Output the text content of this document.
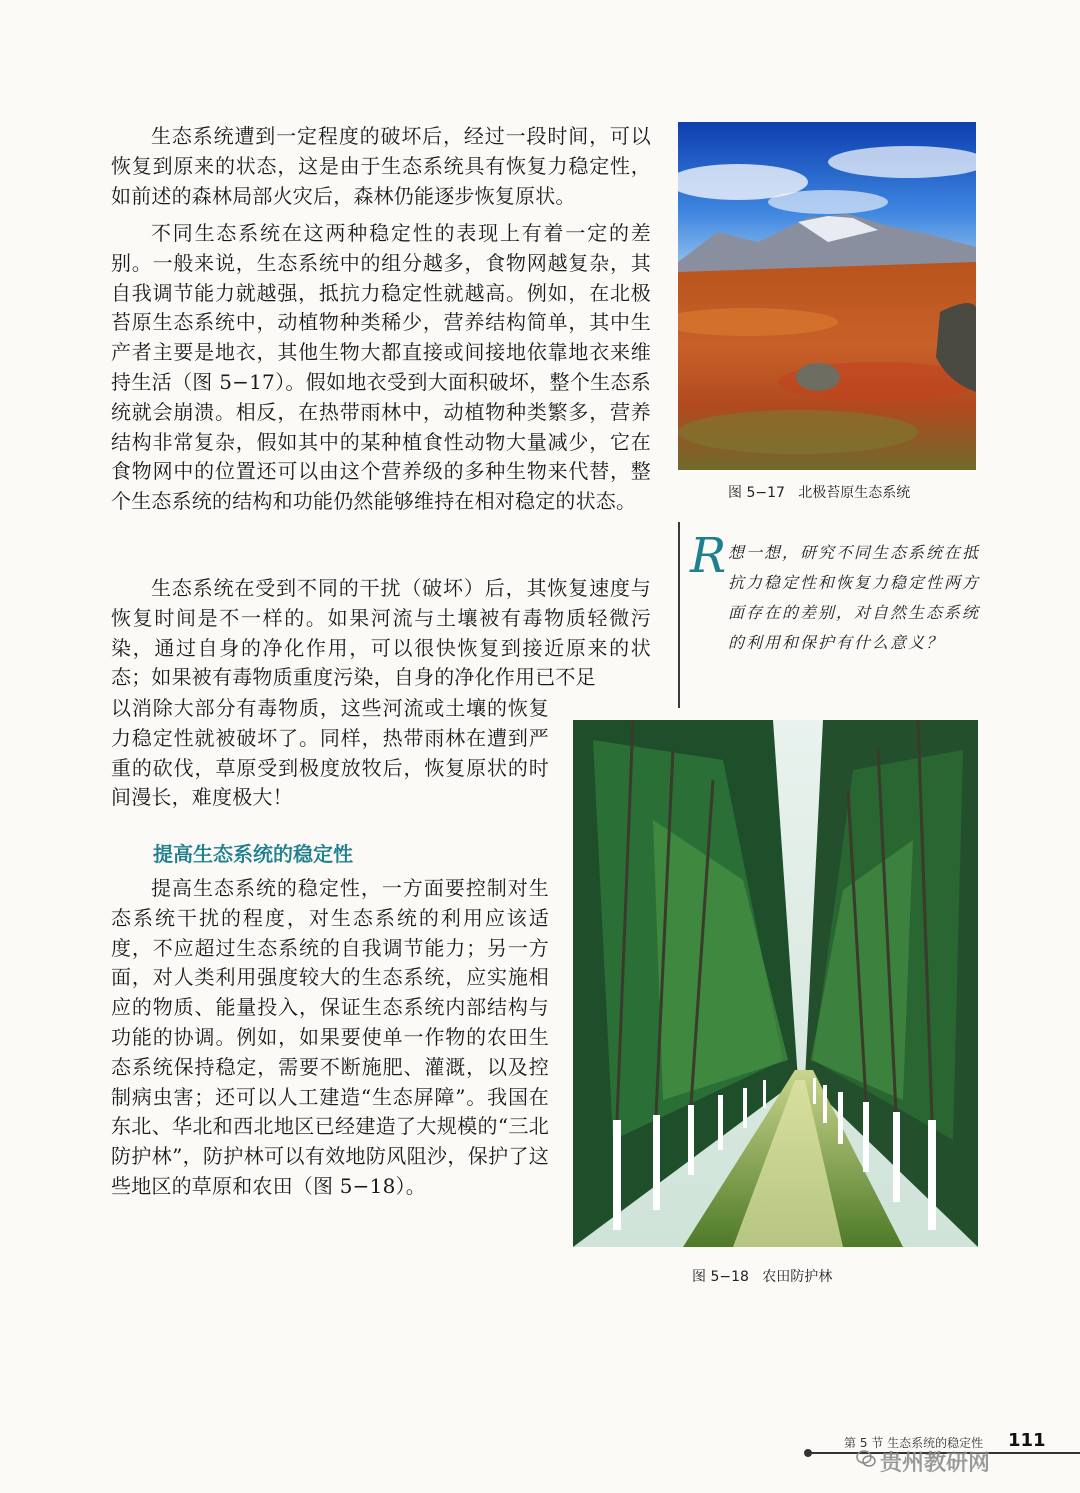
生态系统遭到一定程度的破坏后，经过一段时间，可以恢复到原来的状态，这是由于生态系统具有恢复力稳定性，如前述的森林局部火灾后，森林仍能逐步恢复原状。

不同生态系统在这两种稳定性的表现上有着一定的差别。一般来说，生态系统中的组分越多，食物网越复杂，其自我调节能力就越强，抵抗力稳定性就越高。例如，在北极苔原生态系统中，动植物种类稀少，营养结构简单，其中生产者主要是地衣，其他生物大都直接或间接地依靠地衣来维持生活（图 5−17）。假如地衣受到大面积破坏，整个生态系统就会崩溃。相反，在热带雨林中，动植物种类繁多，营养结构非常复杂，假如其中的某种植食性动物大量减少，它在食物网中的位置还可以由这个营养级的多种生物来代替，整个生态系统的结构和功能仍然能够维持在相对稳定的状态。

生态系统在受到不同的干扰（破坏）后，其恢复速度与恢复时间是不一样的。如果河流与土壤被有毒物质轻微污染，通过自身的净化作用，可以很快恢复到接近原来的状态；如果被有毒物质重度污染，自身的净化作用已不足

以消除大部分有毒物质，这些河流或土壤的恢复力稳定性就被破坏了。同样，热带雨林在遭到严重的砍伐，草原受到极度放牧后，恢复原状的时间漫长，难度极大！

提高生态系统的稳定性

提高生态系统的稳定性，一方面要控制对生态系统干扰的程度，对生态系统的利用应该适度，不应超过生态系统的自我调节能力；另一方面，对人类利用强度较大的生态系统，应实施相应的物质、能量投入，保证生态系统内部结构与功能的协调。例如，如果要使单一作物的农田生态系统保持稳定，需要不断施肥、灌溉，以及控制病虫害；还可以人工建造“生态屏障”。我国在东北、华北和西北地区已经建造了大规模的“三北防护林”，防护林可以有效地防风阻沙，保护了这些地区的草原和农田（图 5−18）。

图 5−17   北极苔原生态系统
R 想一想，研究不同生态系统在抵抗力稳定性和恢复力稳定性两方面存在的差别，对自然生态系统的利用和保护有什么意义？
图 5−18   农田防护林
第 5 节 生态系统的稳定性 111
贵州教研网
